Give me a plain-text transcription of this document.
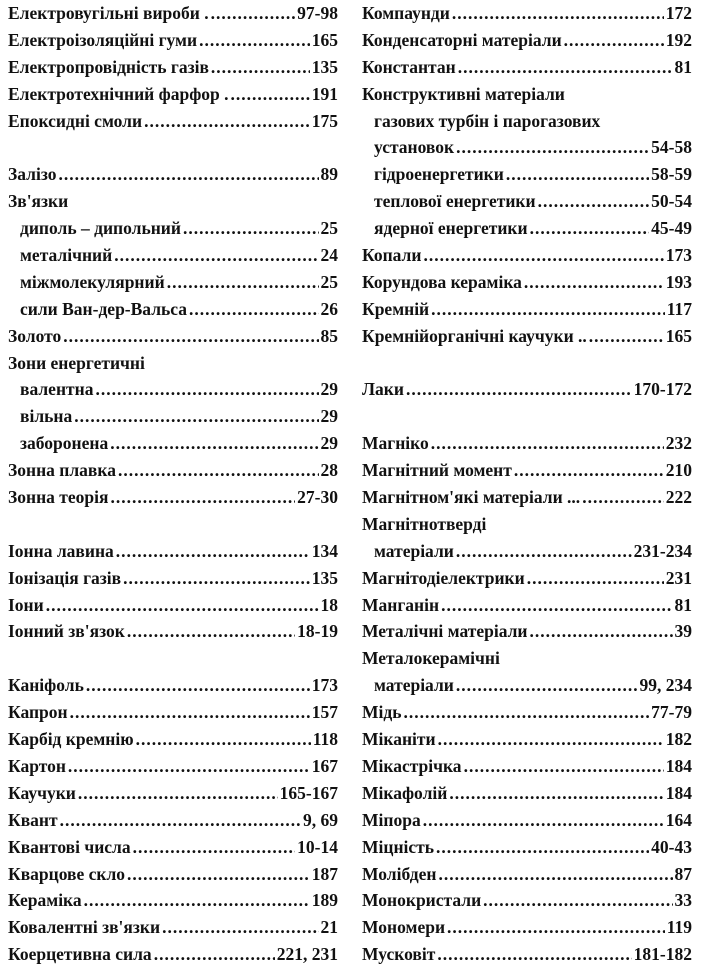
Електровугільні вироби . .....	97-98
Електроізоляційні гуми .....	165
Електропровідність газів .....	135
Електротехнічний фарфор . .....	191
Епоксидні смоли .....	175
Залізо .....	89
Зв'язки
диполь – дипольний .....	25
металічний .....	24
міжмолекулярний .....	25
сили Ван-дер-Вальса .....	26
Золото .....	85
Зони енергетичні
валентна .....	29
вільна .....	29
заборонена .....	29
Зонна плавка .....	28
Зонна теорія .....	27-30
Іонна лавина .....	134
Іонізація газів .....	135
Іони .....	18
Іонний зв'язок .....	18-19
Каніфоль .....	173
Капрон .....	157
Карбід кремнію .....	118
Картон .....	167
Каучуки .....	165-167
Квант .....	9, 69
Квантові числа .....	10-14
Кварцове скло .....	187
Кераміка .....	189
Ковалентні зв'язки .....	21
Коерцетивна сила .....	221, 231
Компаунди .....	172
Конденсаторні матеріали .....	192
Константан .....	81
Конструктивні матеріали
газових турбін і парогазових
установок .....	54-58
гідроенергетики .....	58-59
теплової енергетики .....	50-54
ядерної енергетики .....	45-49
Копали .....	173
Корундова кераміка .....	193
Кремній .....	117
Кремнійорганічні каучуки .. .....	165
Лаки .....	170-172
Магніко .....	232
Магнітний момент .....	210
Магнітном'які матеріали ... .....	222
Магнітнотверді
матеріали .....	231-234
Магнітодіелектрики .....	231
Манганін .....	81
Металічні матеріали .....	39
Металокерамічні
матеріали .....	99, 234
Мідь .....	77-79
Міканіти .....	182
Мікастрічка .....	184
Мікафолій .....	184
Міпора .....	164
Міцність .....	40-43
Молібден .....	87
Монокристали .....	33
Мономери .....	119
Мусковіт .....	181-182
